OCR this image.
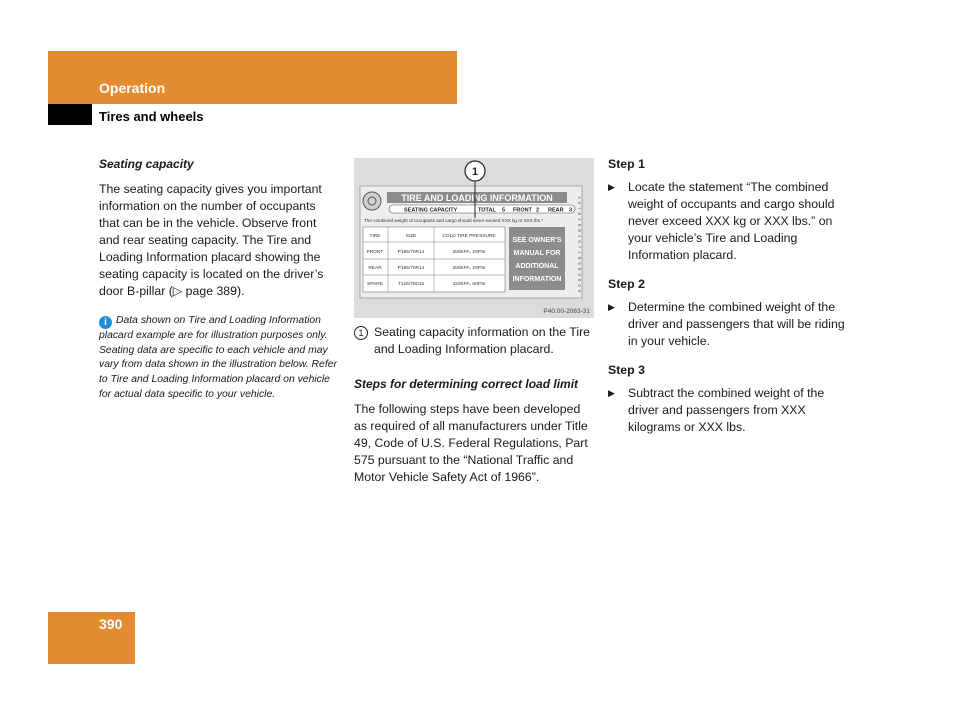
Operation
Tires and wheels
Seating capacity

The seating capacity gives you important information on the number of occupants that can be in the vehicle. Observe front and rear seating capacity. The Tire and Loading Information placard showing the seating capacity is located on the driver’s door B-pillar (▷ page 389).

i Data shown on Tire and Loading Information placard example are for illustration purposes only. Seating data are specific to each vehicle and may vary from data shown in the illustration below. Refer to Tire and Loading Information placard on vehicle for actual data specific to your vehicle.
TIRE AND LOADING INFORMATION
SEATING CAPACITY	TOTAL 5 FRONT 2 REAR 3
The combined weight of occupants and cargo should never exceed XXX kg or XXX lbs.*
TIRE	SIZE	COLD TIRE PRESSURE
FRONT	P195/70R14	200KPA, 29PSI
REAR	P195/70R14	200KPA, 29PSI
SPARE	T125/70D15	420KPA, 60PSI
SEE OWNER'S
MANUAL FOR
ADDITIONAL
INFORMATION	3 6 7 0 4 8 0 4 6 7 1 0 5 0 3 8 2 0
1
P40.00-2063-31
1 Seating capacity information on the Tire and Loading Information placard.
Steps for determining correct load limit

The following steps have been developed as required of all manufacturers under Title 49, Code of U.S. Federal Regulations, Part 575 pursuant to the “National Traffic and Motor Vehicle Safety Act of 1966”.

Step 1
▶	Locate the statement “The combined weight of occupants and cargo should never exceed XXX kg or XXX lbs.” on your vehicle’s Tire and Loading Information placard.
Step 2
▶	Determine the combined weight of the driver and passengers that will be riding in your vehicle.
Step 3
▶	Subtract the combined weight of the driver and passengers from XXX kilograms or XXX lbs.
390
